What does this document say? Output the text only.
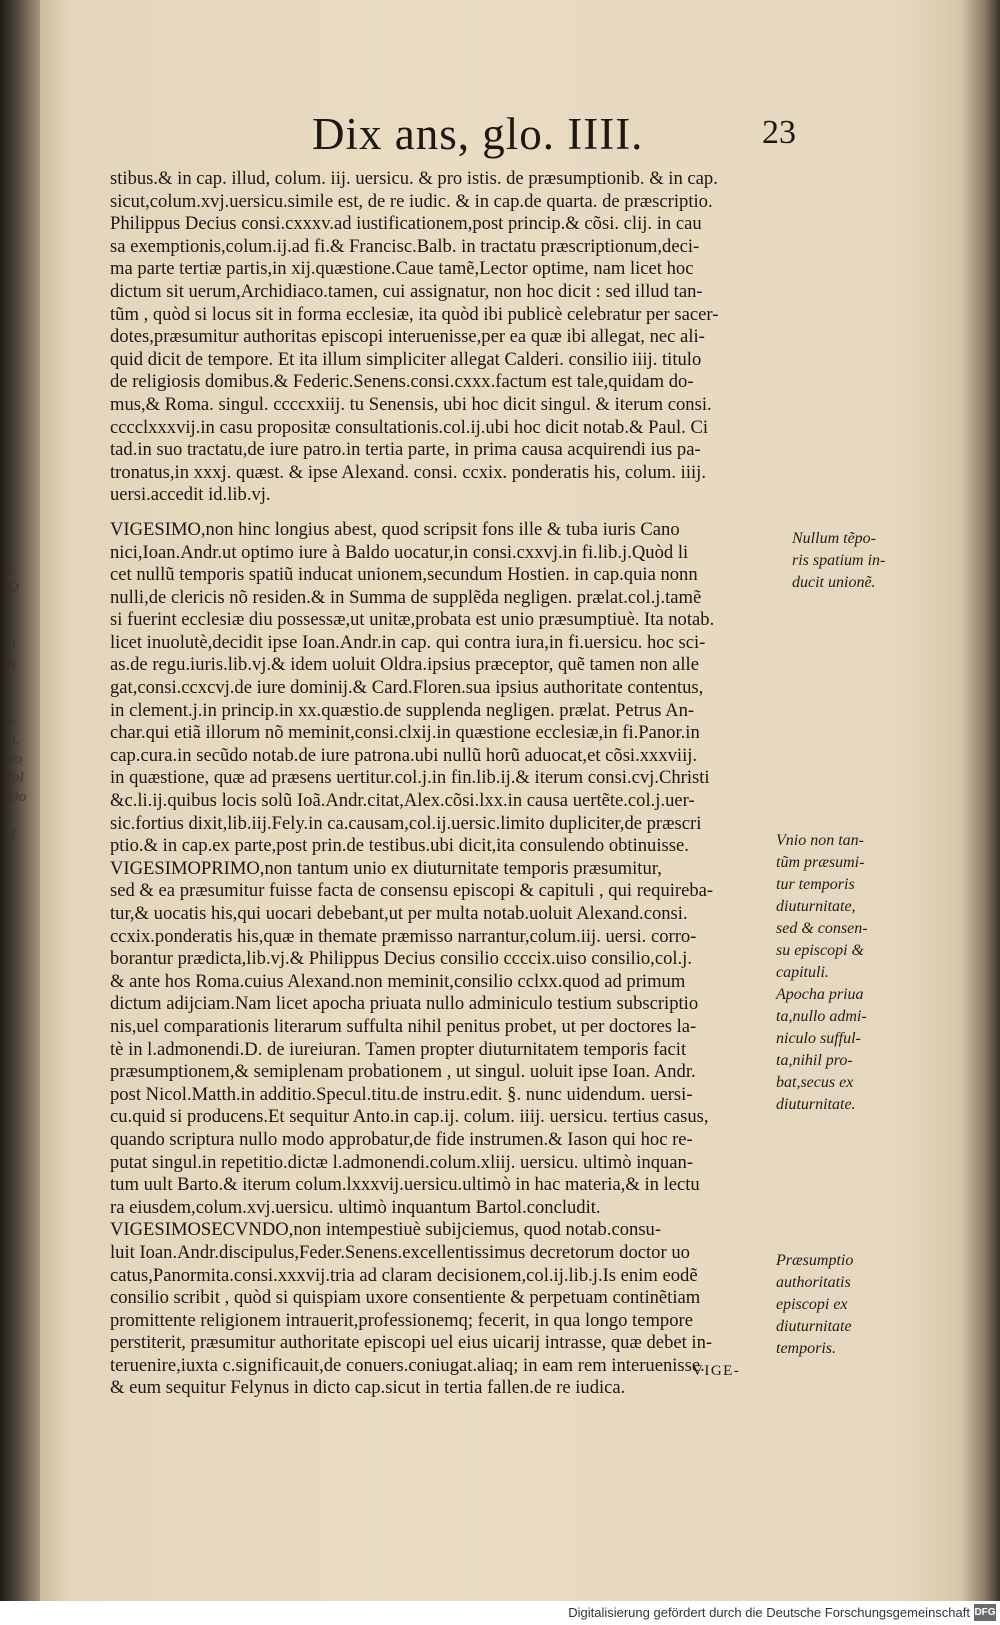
l,
D
t

d
ic
r
,
l-
n.
co
fol
Do
i
d
Dix ans, glo. IIII.	23
stibus.& in cap. illud, colum. iij. uersicu. & pro istis. de præsumptionib. & in cap.
sicut,colum.xvj.uersicu.simile est, de re iudic. & in cap.de quarta. de præscriptio.
Philippus Decius consi.cxxxv.ad iustificationem,post princip.& cõsi. clij. in cau
sa exemptionis,colum.ij.ad fi.& Francisc.Balb. in tractatu præscriptionum,deci-
ma parte tertiæ partis,in xij.quæstione.Caue tamẽ,Lector optime, nam licet hoc
dictum sit uerum,Archidiaco.tamen, cui assignatur, non hoc dicit : sed illud tan-
tũm , quòd si locus sit in forma ecclesiæ, ita quòd ibi publicè celebratur per sacer-
dotes,præsumitur authoritas episcopi interuenisse,per ea quæ ibi allegat, nec ali-
quid dicit de tempore. Et ita illum simpliciter allegat Calderi. consilio iiij. titulo
de religiosis domibus.& Federic.Senens.consi.cxxx.factum est tale,quidam do-
mus,& Roma. singul. ccccxxiij. tu Senensis, ubi hoc dicit singul. & iterum consi.
cccclxxxvij.in casu propositæ consultationis.col.ij.ubi hoc dicit notab.& Paul. Ci
tad.in suo tractatu,de iure patro.in tertia parte, in prima causa acquirendi ius pa-
tronatus,in xxxj. quæst. & ipse Alexand. consi. ccxix. ponderatis his, colum. iiij.
uersi.accedit id.lib.vj.
VIGESIMO,non hinc longius abest, quod scripsit fons ille & tuba iuris Cano
nici,Ioan.Andr.ut optimo iure à Baldo uocatur,in consi.cxxvj.in fi.lib.j.Quòd li
cet nullũ temporis spatiũ inducat unionem,secundum Hostien. in cap.quia nonn
nulli,de clericis nõ residen.& in Summa de supplẽda negligen. prælat.col.j.tamẽ
si fuerint ecclesiæ diu possessæ,ut unitæ,probata est unio præsumptiuè. Ita notab.
licet inuolutè,decidit ipse Ioan.Andr.in cap. qui contra iura,in fi.uersicu. hoc sci-
as.de regu.iuris.lib.vj.& idem uoluit Oldra.ipsius præceptor, quẽ tamen non alle
gat,consi.ccxcvj.de iure dominij.& Card.Floren.sua ipsius authoritate contentus,
in clement.j.in princip.in xx.quæstio.de supplenda negligen. prælat. Petrus An-
char.qui etiã illorum nõ meminit,consi.clxij.in quæstione ecclesiæ,in fi.Panor.in
cap.cura.in secũdo notab.de iure patrona.ubi nullũ horũ aduocat,et cõsi.xxxviij.
in quæstione, quæ ad præsens uertitur.col.j.in fin.lib.ij.& iterum consi.cvj.Christi
&c.li.ij.quibus locis solũ Ioã.Andr.citat,Alex.cõsi.lxx.in causa uertẽte.col.j.uer-
sic.fortius dixit,lib.iij.Fely.in ca.causam,col.ij.uersic.limito dupliciter,de præscri
ptio.& in cap.ex parte,post prin.de testibus.ubi dicit,ita consulendo obtinuisse.
VIGESIMOPRIMO,non tantum unio ex diuturnitate temporis præsumitur,
sed & ea præsumitur fuisse facta de consensu episcopi & capituli , qui requireba-
tur,& uocatis his,qui uocari debebant,ut per multa notab.uoluit Alexand.consi.
ccxix.ponderatis his,quæ in themate præmisso narrantur,colum.iij. uersi. corro-
borantur prædicta,lib.vj.& Philippus Decius consilio ccccix.uiso consilio,col.j.
& ante hos Roma.cuius Alexand.non meminit,consilio cclxx.quod ad primum
dictum adijciam.Nam licet apocha priuata nullo adminiculo testium subscriptio
nis,uel comparationis literarum suffulta nihil penitus probet, ut per doctores la-
tè in l.admonendi.D. de iureiuran. Tamen propter diuturnitatem temporis facit
præsumptionem,& semiplenam probationem , ut singul. uoluit ipse Ioan. Andr.
post Nicol.Matth.in additio.Specul.titu.de instru.edit. §. nunc uidendum. uersi-
cu.quid si producens.Et sequitur Anto.in cap.ij. colum. iiij. uersicu. tertius casus,
quando scriptura nullo modo approbatur,de fide instrumen.& Iason qui hoc re-
putat singul.in repetitio.dictæ l.admonendi.colum.xliij. uersicu. ultimò inquan-
tum uult Barto.& iterum colum.lxxxvij.uersicu.ultimò in hac materia,& in lectu
ra eiusdem,colum.xvj.uersicu. ultimò inquantum Bartol.concludit.
VIGESIMOSECVNDO,non intempestiuè subijciemus, quod notab.consu-
luit Ioan.Andr.discipulus,Feder.Senens.excellentissimus decretorum doctor uo
catus,Panormita.consi.xxxvij.tria ad claram decisionem,col.ij.lib.j.Is enim eodẽ
consilio scribit , quòd si quispiam uxore consentiente & perpetuam continẽtiam
promittente religionem intrauerit,professionemq; fecerit, in qua longo tempore
perstiterit, præsumitur authoritate episcopi uel eius uicarij intrasse, quæ debet in-
teruenire,iuxta c.significauit,de conuers.coniugat.aliaq; in eam rem interuenisse.
& eum sequitur Felynus in dicto cap.sicut in tertia fallen.de re iudica.
Nullum tẽpo-
ris spatium in-
ducit unionẽ.
Vnio non tan-
tũm præsumi-
tur temporis
diuturnitate,
sed & consen-
su episcopi &
capituli.
Apocha priua
ta,nullo admi-
niculo sufful-
ta,nihil pro-
bat,secus ex
diuturnitate.
Præsumptio
authoritatis
episcopi ex
diuturnitate
temporis.
VIGE-
Digitalisierung gefördert durch die Deutsche Forschungsgemeinschaft DFG
